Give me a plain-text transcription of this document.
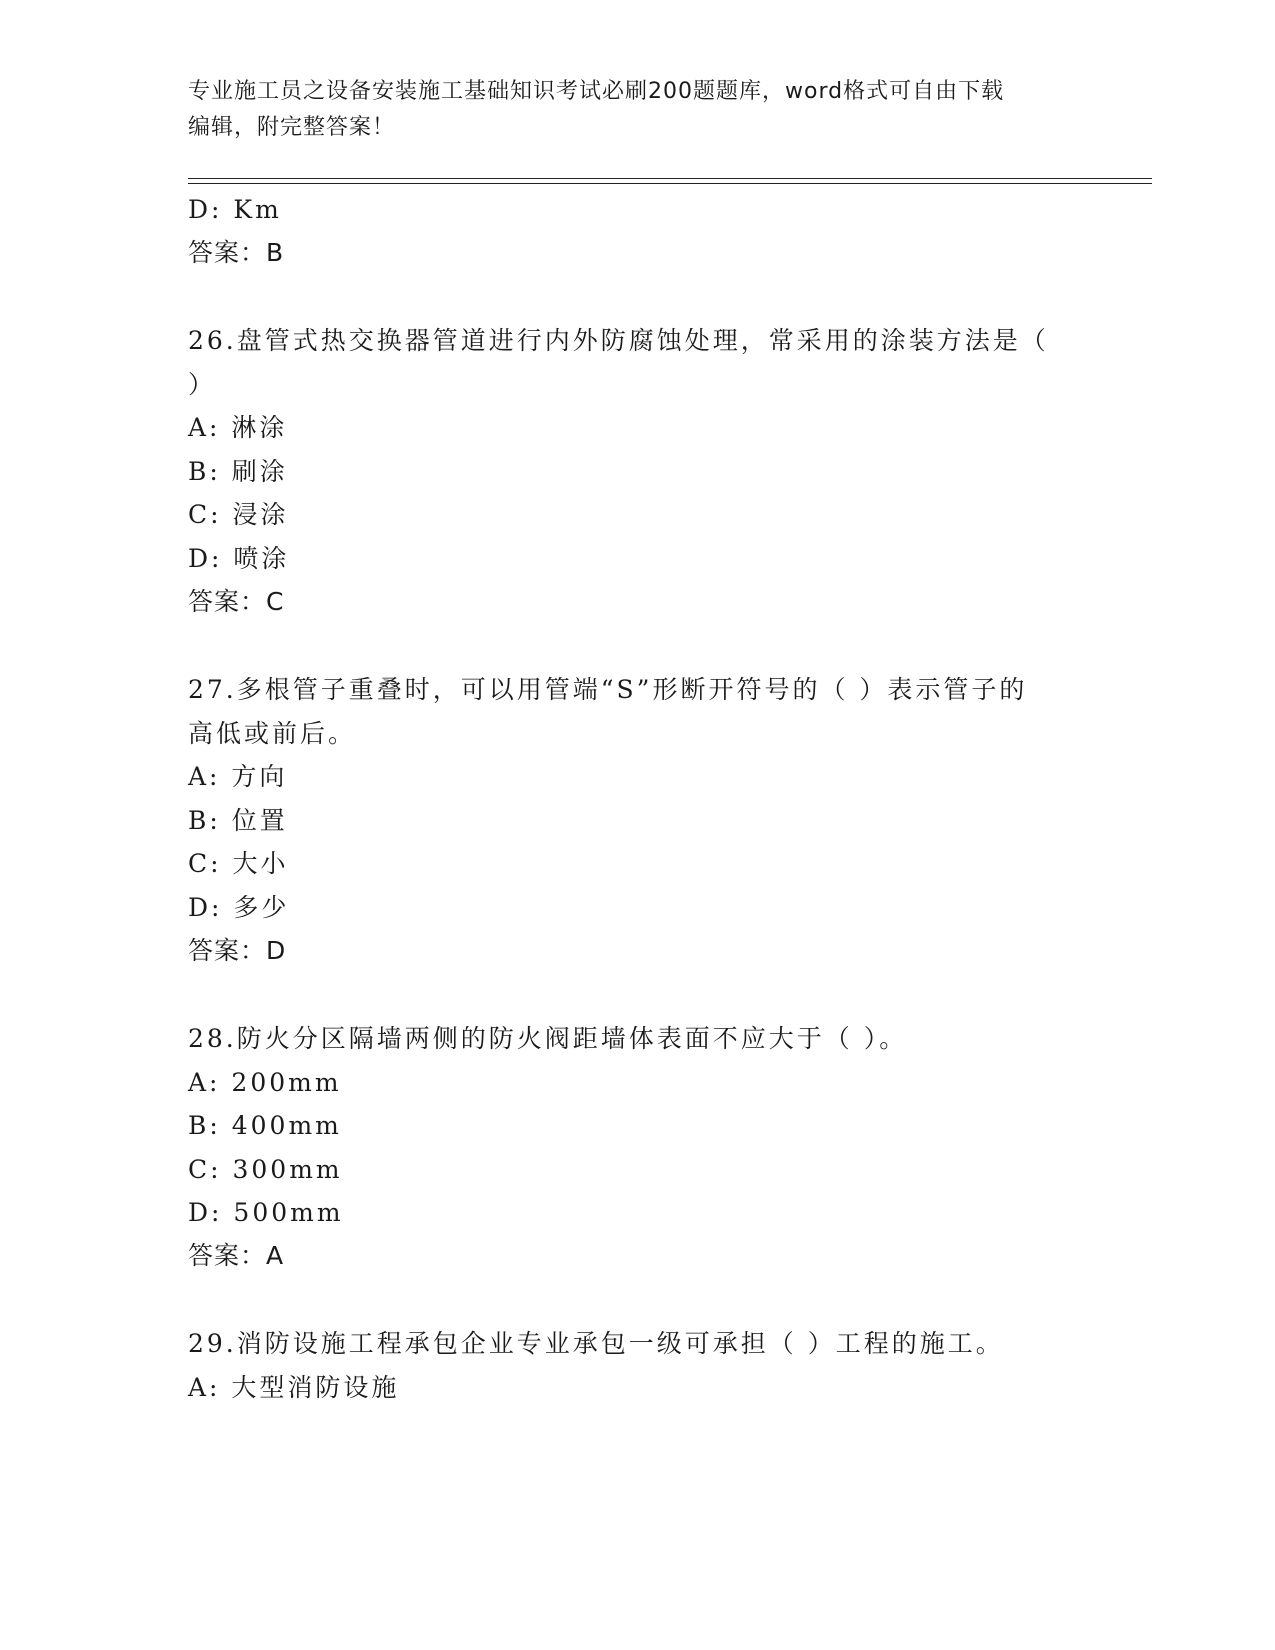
专业施工员之设备安装施工基础知识考试必刷200题题库，word格式可自由下载
编辑，附完整答案！
D: Km
答案：B
26.盘管式热交换器管道进行内外防腐蚀处理，常采用的涂装方法是（
）
A: 淋涂
B: 刷涂
C: 浸涂
D: 喷涂
答案：C
27.多根管子重叠时，可以用管端“S”形断开符号的（ ）表示管子的
高低或前后。
A: 方向
B: 位置
C: 大小
D: 多少
答案：D
28.防火分区隔墙两侧的防火阀距墙体表面不应大于（ ）。
A: 200mm
B: 400mm
C: 300mm
D: 500mm
答案：A
29.消防设施工程承包企业专业承包一级可承担（ ）工程的施工。
A: 大型消防设施
